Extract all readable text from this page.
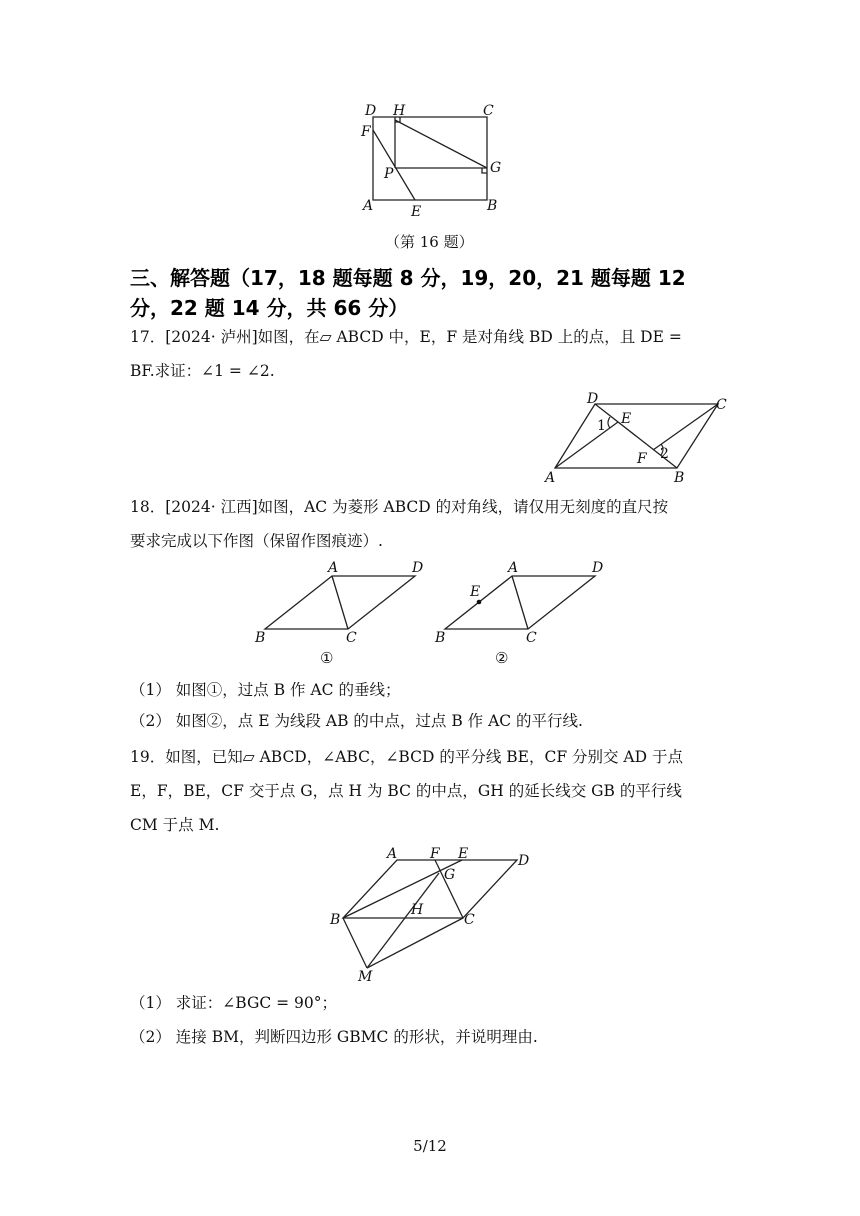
D H	C
F
G
P
A	E	B
（第 16 题）
三、解答题（17，18 题每题 8 分，19，20，21 题每题 12
分，22 题 14 分，共 66 分）
17．[2024· 泸州]如图，在▱ ABCD 中，E，F 是对角线 BD 上的点，且 DE =
BF.求证：∠1 = ∠2.
D	C
E
1
F 2
A	B
18．[2024· 江西]如图，AC 为菱形 ABCD 的对角线，请仅用无刻度的直尺按
要求完成以下作图（保留作图痕迹）.
A	D
B	C
①
E
A	D
B	C
②
（1） 如图①，过点 B 作 AC 的垂线；
（2） 如图②，点 E 为线段 AB 的中点，过点 B 作 AC 的平行线.
19．如图，已知▱ ABCD，∠ABC，∠BCD 的平分线 BE，CF 分别交 AD 于点
E，F，BE，CF 交于点 G，点 H 为 BC 的中点，GH 的延长线交 GB 的平行线
CM 于点 M.
A F E	D
G
B
H
C
M
（1） 求证：∠BGC = 90°；
（2） 连接 BM，判断四边形 GBMC 的形状，并说明理由.
5/12
